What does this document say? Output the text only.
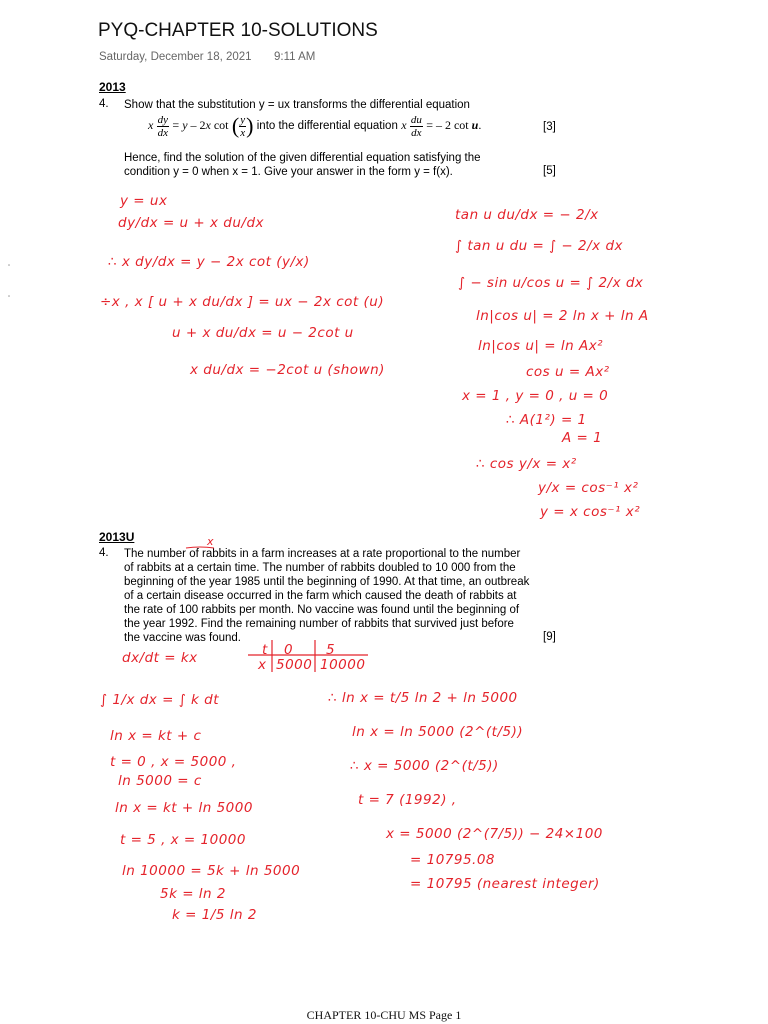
PYQ-CHAPTER 10-SOLUTIONS
Saturday, December 18, 2021 9:11 AM
2013
4. Show that the substitution y = ux transforms the differential equation
x $\frac{dy}{dx} = y - 2x$ cot ( $\frac{y}{x}$ ) into the differential equation x $\frac{du}{dx}$ = – 2 cot u.	[3]
Hence, find the solution of the given differential equation satisfying the
condition y = 0 when x = 1. Give your answer in the form y = f(x).	[5]
y = ux
dy/dx = u + x du/dx
∴ x dy/dx = y − 2x cot (y/x)
÷x , x [ u + x du/dx ] = ux − 2x cot (u)
u + x du/dx = u − 2cot u
x du/dx = −2cot u (shown)
tan u du/dx = − 2/x
∫ tan u du = ∫ − 2/x dx
∫ − sin u/cos u = ∫ 2/x dx
ln|cos u| = 2 ln x + ln A
ln|cos u| = ln Ax²
cos u = Ax²
x = 1 , y = 0 , u = 0
∴ A(1²) = 1
A = 1
∴ cos y/x = x²
y/x = cos⁻¹ x²
y = x cos⁻¹ x²
2013U	x
4. The number of rabbits in a farm increases at a rate proportional to the number
of rabbits at a certain time. The number of rabbits doubled to 10 000 from the
beginning of the year 1985 until the beginning of 1990. At that time, an outbreak
of a certain disease occurred in the farm which caused the death of rabbits at
the rate of 100 rabbits per month. No vaccine was found until the beginning of
the year 1992. Find the remaining number of rabbits that survived just before
the vaccine was found.	[9]
dx/dt = kx
∫ 1/x dx = ∫ k dt
ln x = kt + c
t = 0 , x = 5000 ,
ln 5000 = c
ln x = kt + ln 5000
t = 5 , x = 10000
ln 10000 = 5k + ln 5000
5k = ln 2
k = 1/5 ln 2
t 0 5
x 5000 10000
∴ ln x = t/5 ln 2 + ln 5000
ln x = ln 5000 (2^(t/5))
∴ x = 5000 (2^(t/5))
t = 7 (1992) ,
x = 5000 (2^(7/5)) − 24×100
= 10795.08
= 10795 (nearest integer)
CHAPTER 10-CHU MS Page 1
